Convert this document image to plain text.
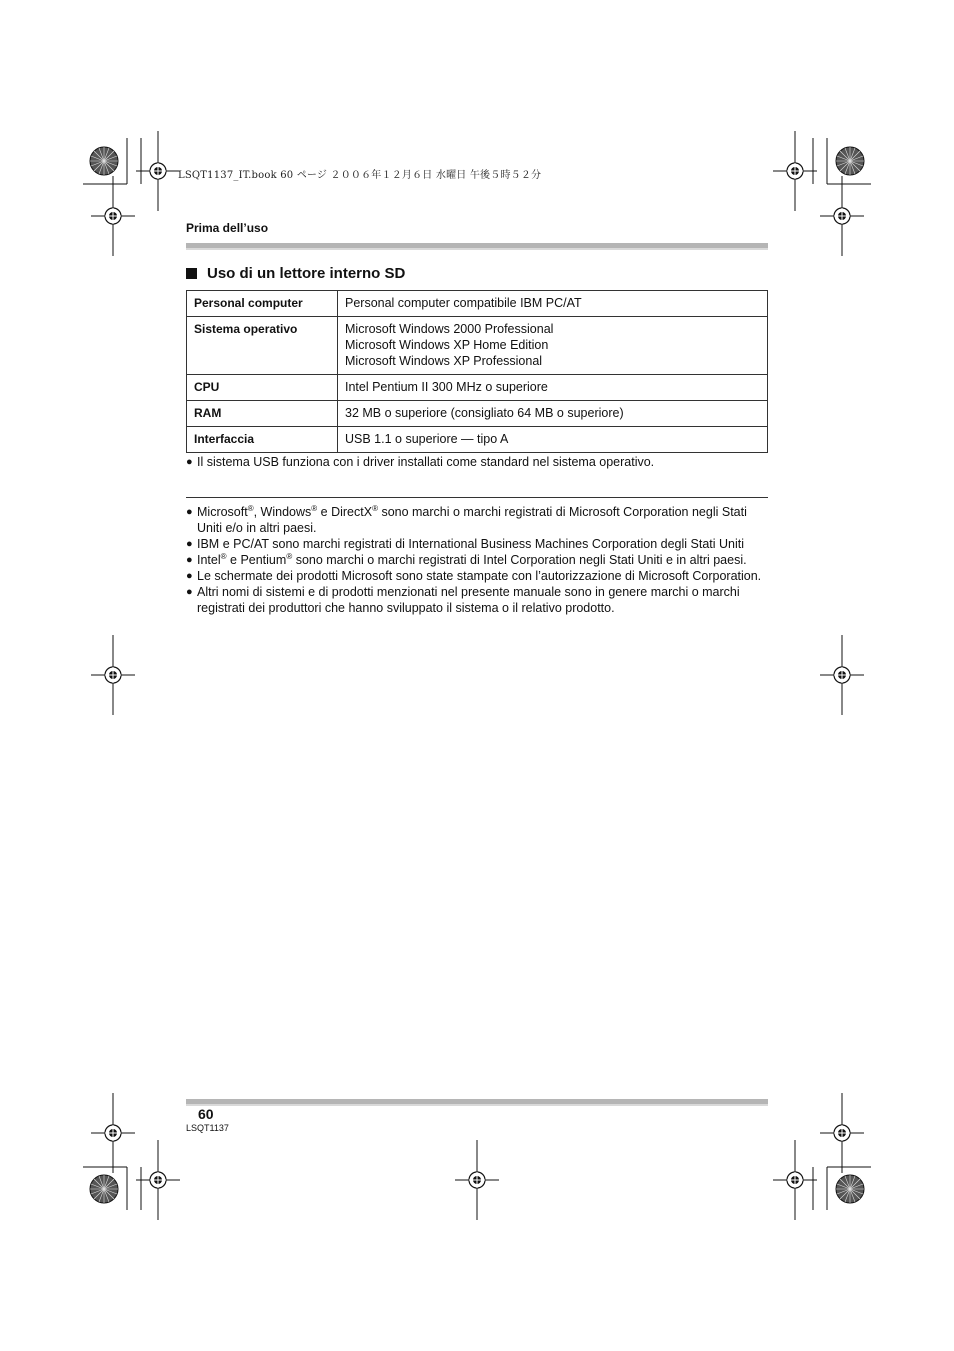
LSQT1137_IT.book 60 ページ ２００６年１２月６日 水曜日 午後５時５２分
Prima dell’uso
Uso di un lettore interno SD
Personal computer	Personal computer compatibile IBM PC/AT

Sistema operativo	Microsoft Windows 2000 Professional
Microsoft Windows XP Home Edition
Microsoft Windows XP Professional

CPU	Intel Pentium II 300 MHz o superiore

RAM	32 MB o superiore (consigliato 64 MB o superiore)

Interfaccia	USB 1.1 o superiore — tipo A
● Il sistema USB funziona con i driver installati come standard nel sistema operativo.
● Microsoft®, Windows® e DirectX® sono marchi o marchi registrati di Microsoft Corporation negli Stati Uniti e/o in altri paesi.
● IBM e PC/AT sono marchi registrati di International Business Machines Corporation degli Stati Uniti
● Intel® e Pentium® sono marchi o marchi registrati di Intel Corporation negli Stati Uniti e in altri paesi.
● Le schermate dei prodotti Microsoft sono state stampate con l’autorizzazione di Microsoft Corporation.
● Altri nomi di sistemi e di prodotti menzionati nel presente manuale sono in genere marchi o marchi registrati dei produttori che hanno sviluppato il sistema o il relativo prodotto.
60
LSQT1137
